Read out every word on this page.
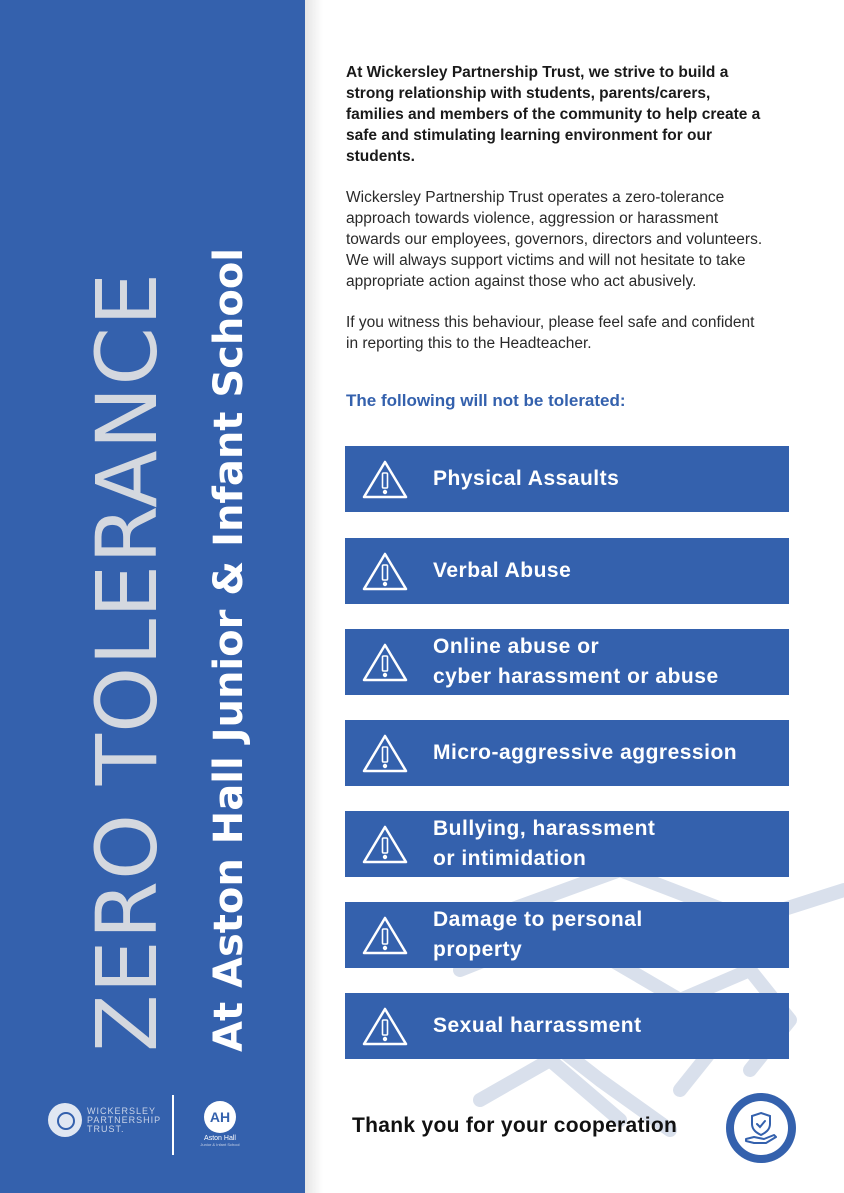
ZERO TOLERANCE At Aston Hall Junior & Infant School
WICKERSLEY PARTNERSHIP TRUST.
AH
Aston Hall
Junior & Infant School

At Wickersley Partnership Trust, we strive to build a strong relationship with students, parents/carers, families and members of the community to help create a safe and stimulating learning environment for our students.

Wickersley Partnership Trust operates a zero-tolerance approach towards violence, aggression or harassment towards our employees, governors, directors and volunteers. We will always support victims and will not hesitate to take appropriate action against those who act abusively.

If you witness this behaviour, please feel safe and confident in reporting this to the Headteacher.

The following will not be tolerated:
Physical Assaults
Verbal Abuse
Online abuse or
cyber harassment or abuse
Micro-aggressive aggression
Bullying, harassment
or intimidation
Damage to personal
property
Sexual harrassment
Thank you for your cooperation
